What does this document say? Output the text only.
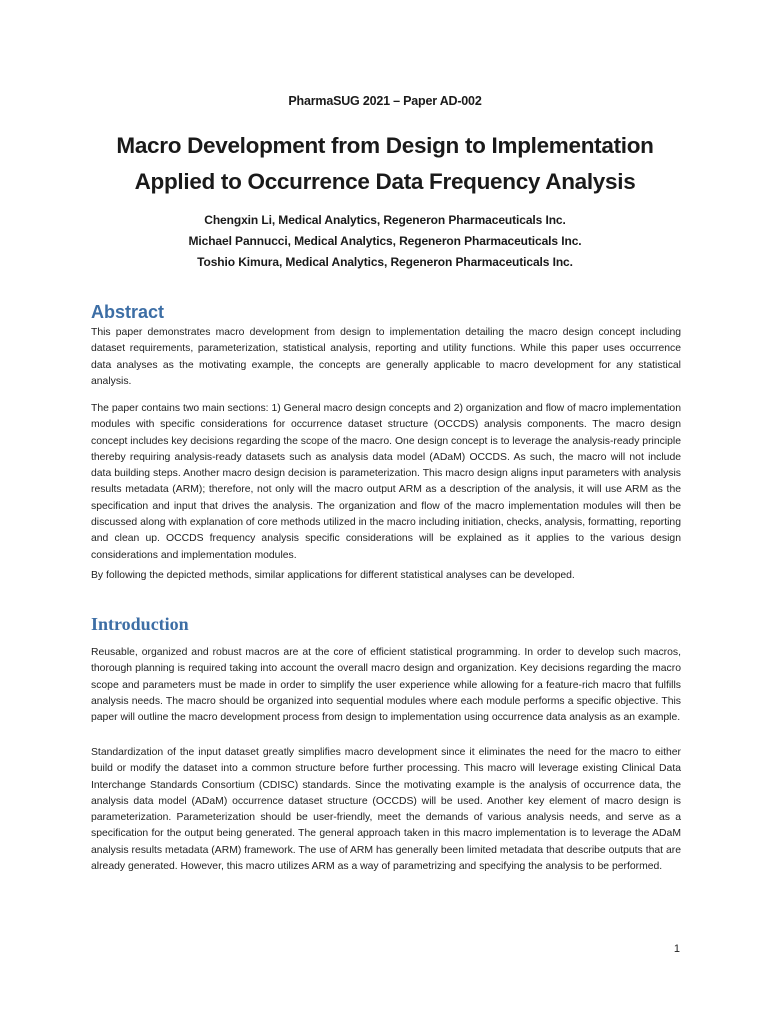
PharmaSUG 2021 – Paper AD-002
Macro Development from Design to Implementation
Applied to Occurrence Data Frequency Analysis
Chengxin Li, Medical Analytics, Regeneron Pharmaceuticals Inc.
Michael Pannucci, Medical Analytics, Regeneron Pharmaceuticals Inc.
Toshio Kimura, Medical Analytics, Regeneron Pharmaceuticals Inc.
Abstract

This paper demonstrates macro development from design to implementation detailing the macro design concept including dataset requirements, parameterization, statistical analysis, reporting and utility functions. While this paper uses occurrence data analyses as the motivating example, the concepts are generally applicable to macro development for any statistical analysis.

The paper contains two main sections: 1) General macro design concepts and 2) organization and flow of macro implementation modules with specific considerations for occurrence dataset structure (OCCDS) analysis components. The macro design concept includes key decisions regarding the scope of the macro. One design concept is to leverage the analysis-ready principle thereby requiring analysis-ready datasets such as analysis data model (ADaM) OCCDS. As such, the macro will not include data building steps. Another macro design decision is parameterization. This macro design aligns input parameters with analysis results metadata (ARM); therefore, not only will the macro output ARM as a description of the analysis, it will use ARM as the specification and input that drives the analysis. The organization and flow of the macro implementation modules will then be discussed along with explanation of core methods utilized in the macro including initiation, checks, analysis, formatting, reporting and clean up. OCCDS frequency analysis specific considerations will be explained as it applies to the various design considerations and implementation modules.

By following the depicted methods, similar applications for different statistical analyses can be developed.

Introduction

Reusable, organized and robust macros are at the core of efficient statistical programming. In order to develop such macros, thorough planning is required taking into account the overall macro design and organization. Key decisions regarding the macro scope and parameters must be made in order to simplify the user experience while allowing for a feature-rich macro that fulfills analysis needs. The macro should be organized into sequential modules where each module performs a specific objective. This paper will outline the macro development process from design to implementation using occurrence data analysis as an example.

Standardization of the input dataset greatly simplifies macro development since it eliminates the need for the macro to either build or modify the dataset into a common structure before further processing. This macro will leverage existing Clinical Data Interchange Standards Consortium (CDISC) standards. Since the motivating example is the analysis of occurrence data, the analysis data model (ADaM) occurrence dataset structure (OCCDS) will be used. Another key element of macro design is parameterization. Parameterization should be user-friendly, meet the demands of various analysis needs, and serve as a specification for the output being generated. The general approach taken in this macro implementation is to leverage the ADaM analysis results metadata (ARM) framework. The use of ARM has generally been limited metadata that describe outputs that are already generated. However, this macro utilizes ARM as a way of parametrizing and specifying the analysis to be performed.

1
